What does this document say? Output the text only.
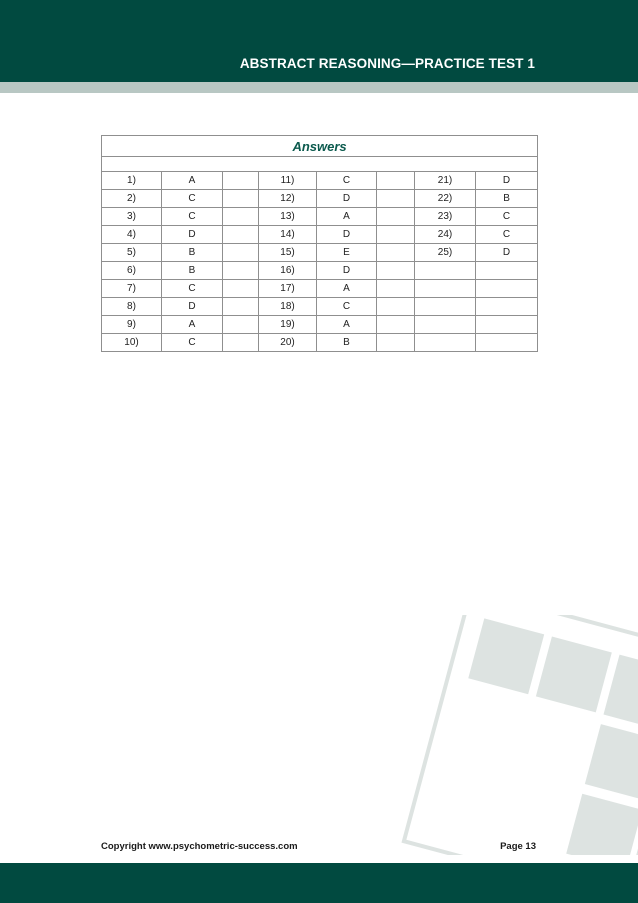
ABSTRACT REASONING—PRACTICE TEST 1
Answers							

1)	A		11)	C		21)	D
2)	C		12)	D		22)	B
3)	C		13)	A		23)	C
4)	D		14)	D		24)	C
5)	B		15)	E		25)	D
6)	B		16)	D			
7)	C		17)	A			
8)	D		18)	C			
9)	A		19)	A			
10)	C		20)	B			
Copyright www.psychometric-success.com	Page 13
